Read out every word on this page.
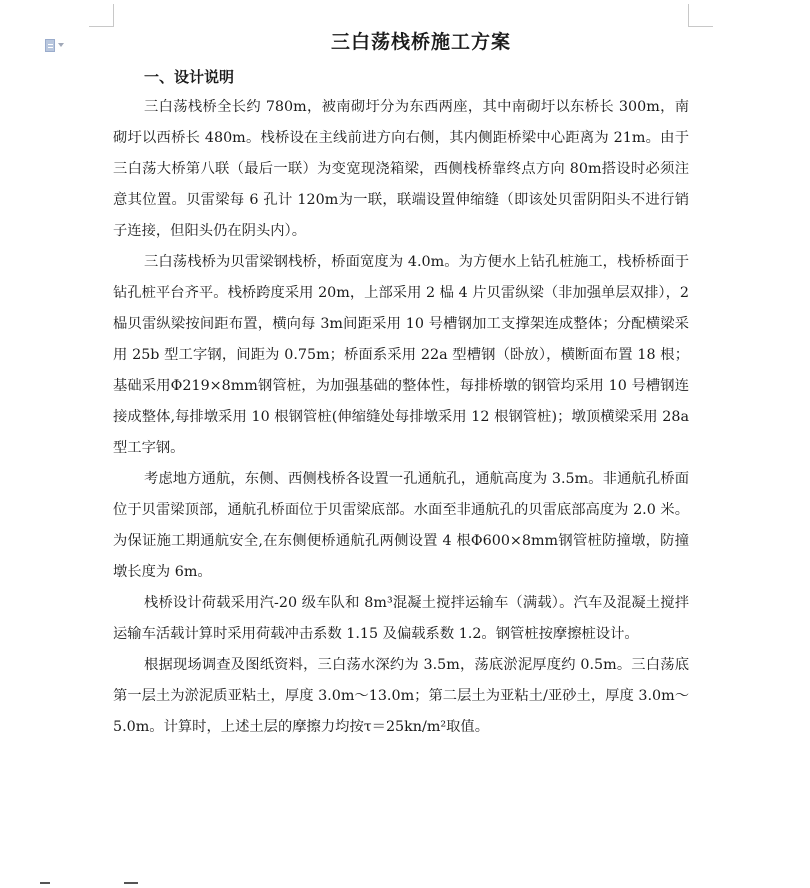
三白荡栈桥施工方案
一、设计说明

三白荡栈桥全长约 780m，被南砌圩分为东西两座，其中南砌圩以东桥长 300m，南砌圩以西桥长 480m。栈桥设在主线前进方向右侧，其内侧距桥梁中心距离为 21m。由于三白荡大桥第八联（最后一联）为变宽现浇箱梁，西侧栈桥靠终点方向 80m搭设时必须注意其位置。贝雷梁每 6 孔计 120m为一联，联端设置伸缩缝（即该处贝雷阴阳头不进行销子连接，但阳头仍在阴头内）。

三白荡栈桥为贝雷梁钢栈桥，桥面宽度为 4.0m。为方便水上钻孔桩施工，栈桥桥面于钻孔桩平台齐平。栈桥跨度采用 20m，上部采用 2 榀 4 片贝雷纵梁（非加强单层双排），2 榀贝雷纵梁按间距布置，横向每 3m间距采用 10 号槽钢加工支撑架连成整体；分配横梁采用 25b 型工字钢，间距为 0.75m；桥面系采用 22a 型槽钢（卧放），横断面布置 18 根；基础采用Φ219×8mm钢管桩，为加强基础的整体性，每排桥墩的钢管均采用 10 号槽钢连接成整体,每排墩采用 10 根钢管桩(伸缩缝处每排墩采用 12 根钢管桩)；墩顶横梁采用 28a 型工字钢。

考虑地方通航，东侧、西侧栈桥各设置一孔通航孔，通航高度为 3.5m。非通航孔桥面位于贝雷梁顶部，通航孔桥面位于贝雷梁底部。水面至非通航孔的贝雷底部高度为 2.0 米。为保证施工期通航安全,在东侧便桥通航孔两侧设置 4 根Φ600×8mm钢管桩防撞墩，防撞墩长度为 6m。

栈桥设计荷载采用汽-20 级车队和 8m³混凝土搅拌运输车（满载）。汽车及混凝土搅拌运输车活载计算时采用荷载冲击系数 1.15 及偏载系数 1.2。钢管桩按摩擦桩设计。

根据现场调查及图纸资料，三白荡水深约为 3.5m，荡底淤泥厚度约 0.5m。三白荡底第一层土为淤泥质亚粘土，厚度 3.0m～13.0m；第二层土为亚粘土/亚砂土，厚度 3.0m～5.0m。计算时，上述土层的摩擦力均按τ＝25kn/m²取值。
